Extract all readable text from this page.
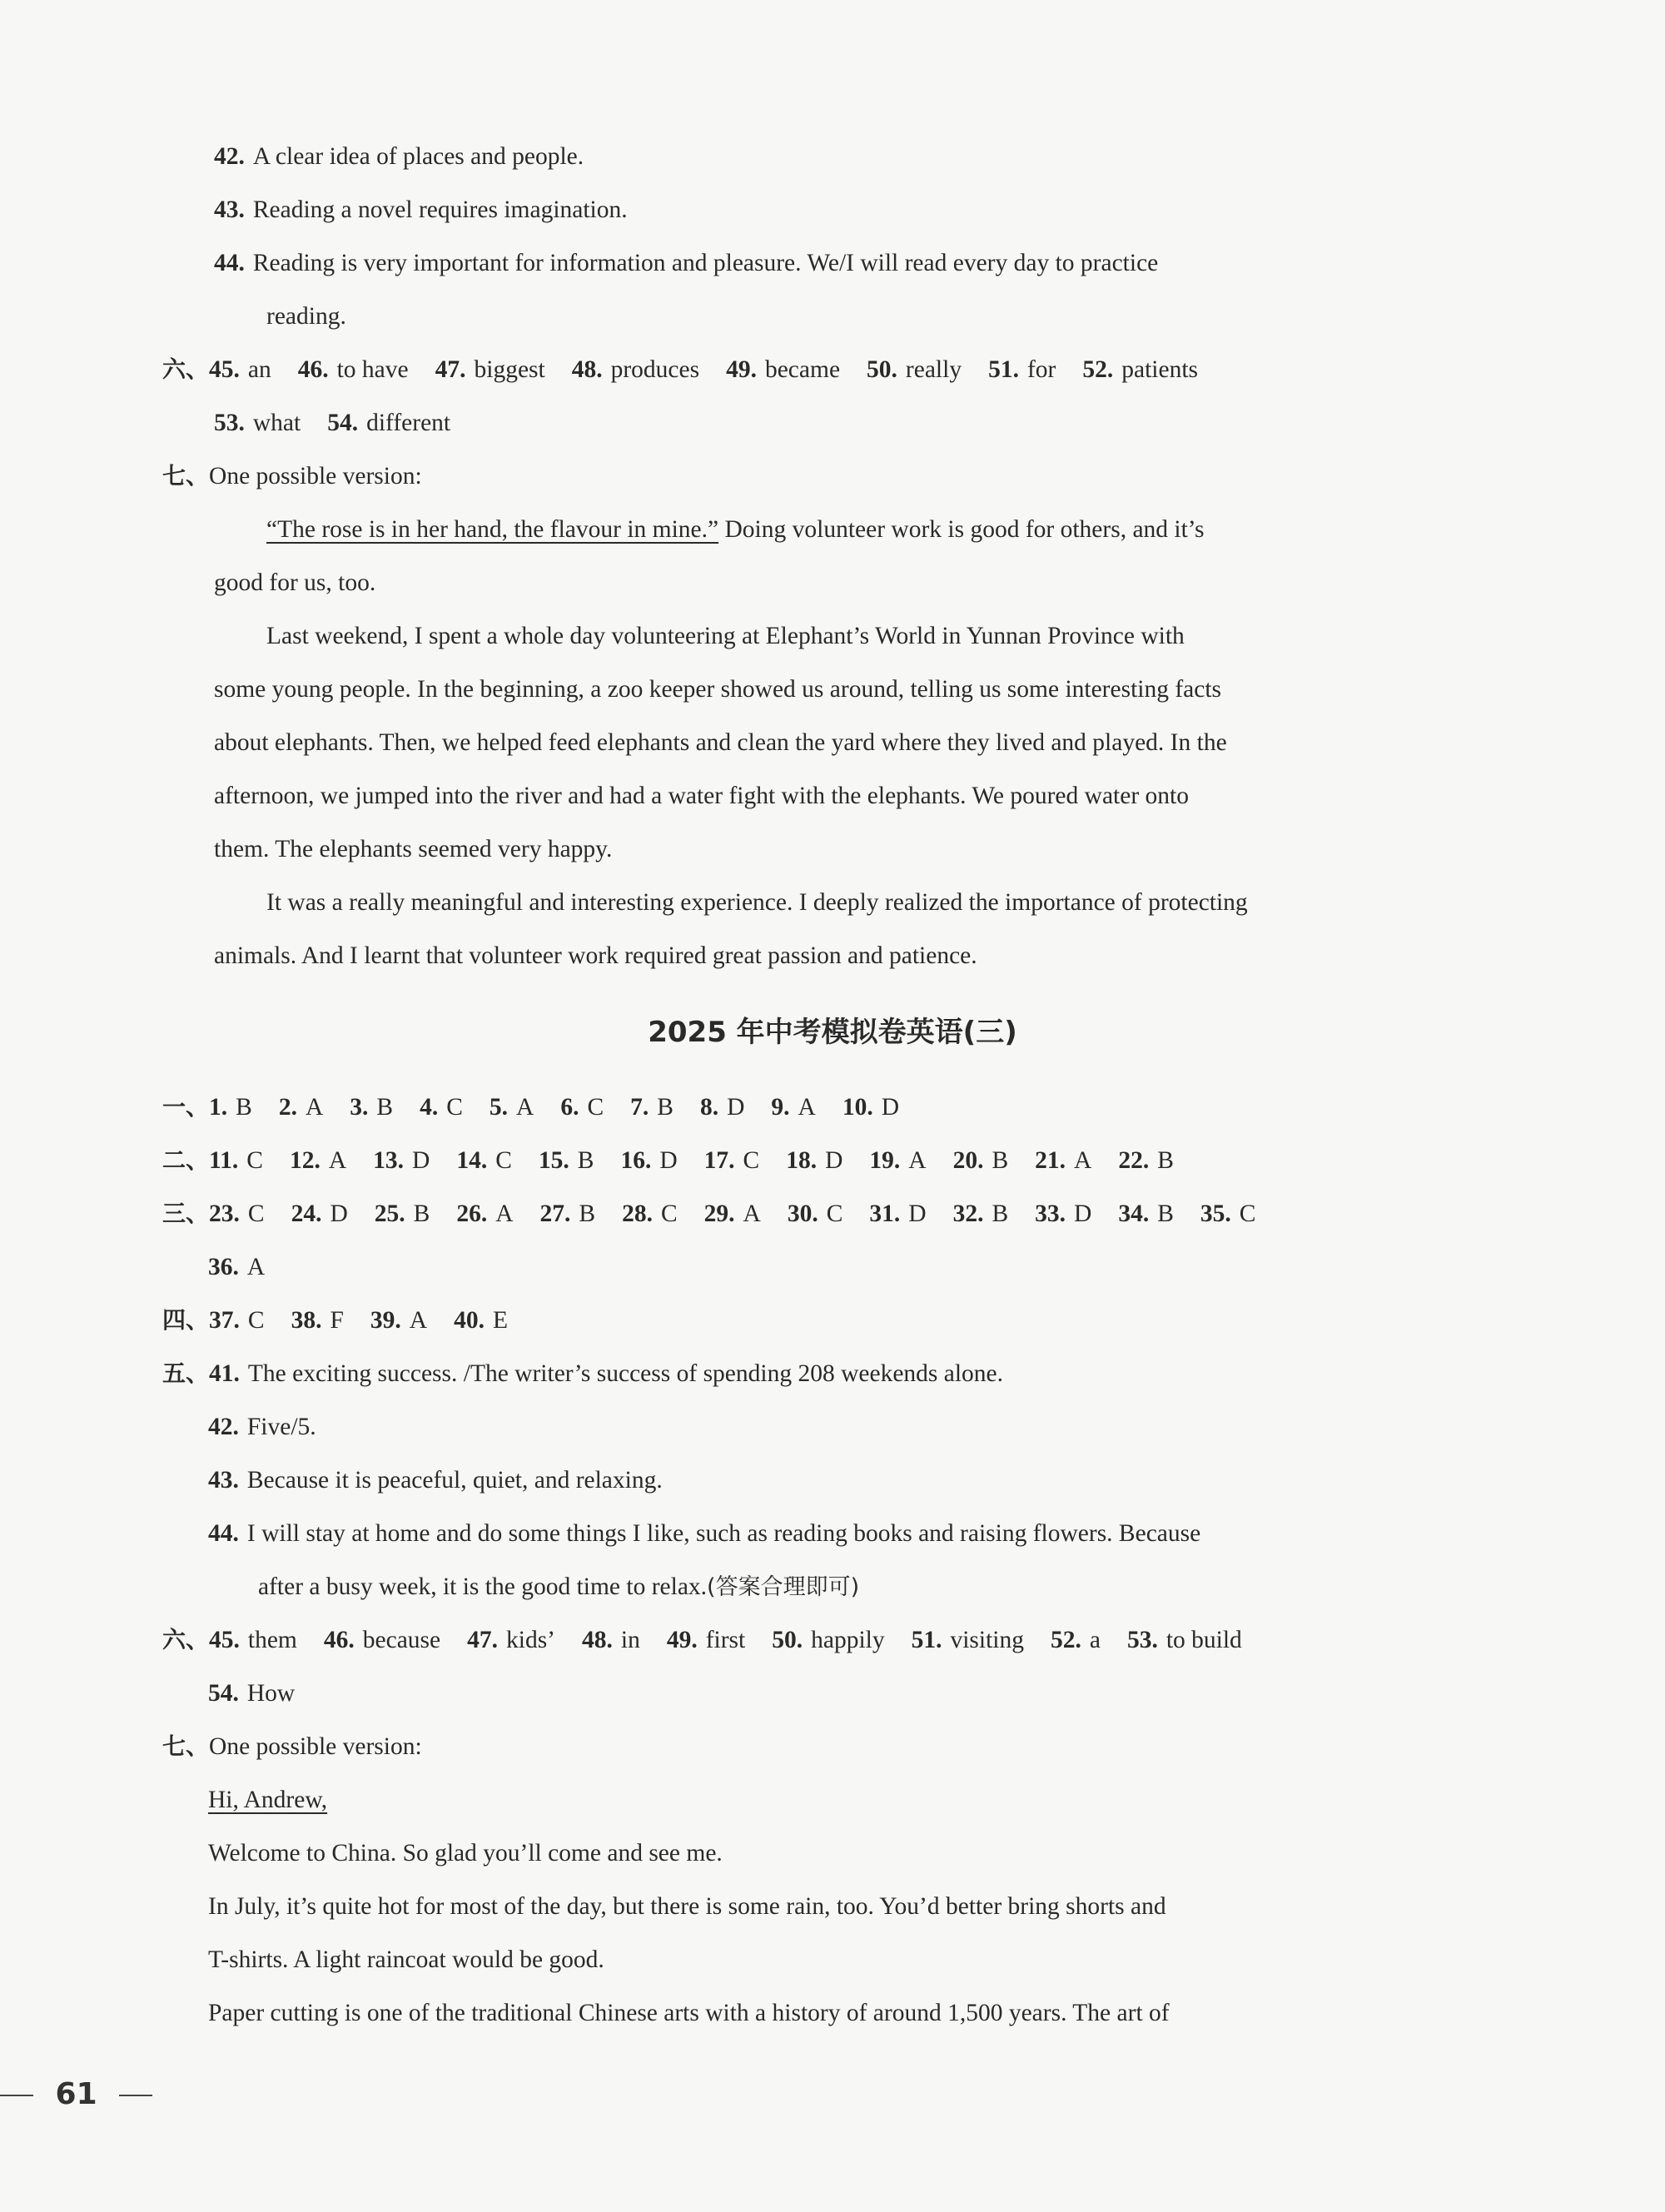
42. A clear idea of places and people.
43. Reading a novel requires imagination.
44. Reading is very important for information and pleasure. We/I will read every day to practice
reading.
六、45. an 46. to have 47. biggest 48. produces 49. became 50. really 51. for 52. patients
53. what 54. different
七、One possible version:
“The rose is in her hand, the flavour in mine.” Doing volunteer work is good for others, and it’s
good for us, too.
Last weekend, I spent a whole day volunteering at Elephant’s World in Yunnan Province with
some young people. In the beginning, a zoo keeper showed us around, telling us some interesting facts
about elephants. Then, we helped feed elephants and clean the yard where they lived and played. In the
afternoon, we jumped into the river and had a water fight with the elephants. We poured water onto
them. The elephants seemed very happy.
It was a really meaningful and interesting experience. I deeply realized the importance of protecting
animals. And I learnt that volunteer work required great passion and patience.
2025 年中考模拟卷英语(三)
一、1. B 2. A 3. B 4. C 5. A 6. C 7. B 8. D 9. A 10. D
二、11. C 12. A 13. D 14. C 15. B 16. D 17. C 18. D 19. A 20. B 21. A 22. B
三、23. C 24. D 25. B 26. A 27. B 28. C 29. A 30. C 31. D 32. B 33. D 34. B 35. C
36. A
四、37. C 38. F 39. A 40. E
五、41. The exciting success. /The writer’s success of spending 208 weekends alone.
42. Five/5.
43. Because it is peaceful, quiet, and relaxing.
44. I will stay at home and do some things I like, such as reading books and raising flowers. Because
after a busy week, it is the good time to relax.(答案合理即可)
六、45. them 46. because 47. kids’ 48. in 49. first 50. happily 51. visiting 52. a 53. to build
54. How
七、One possible version:
Hi, Andrew,
Welcome to China. So glad you’ll come and see me.
In July, it’s quite hot for most of the day, but there is some rain, too. You’d better bring shorts and
T-shirts. A light raincoat would be good.
Paper cutting is one of the traditional Chinese arts with a history of around 1,500 years. The art of
61
